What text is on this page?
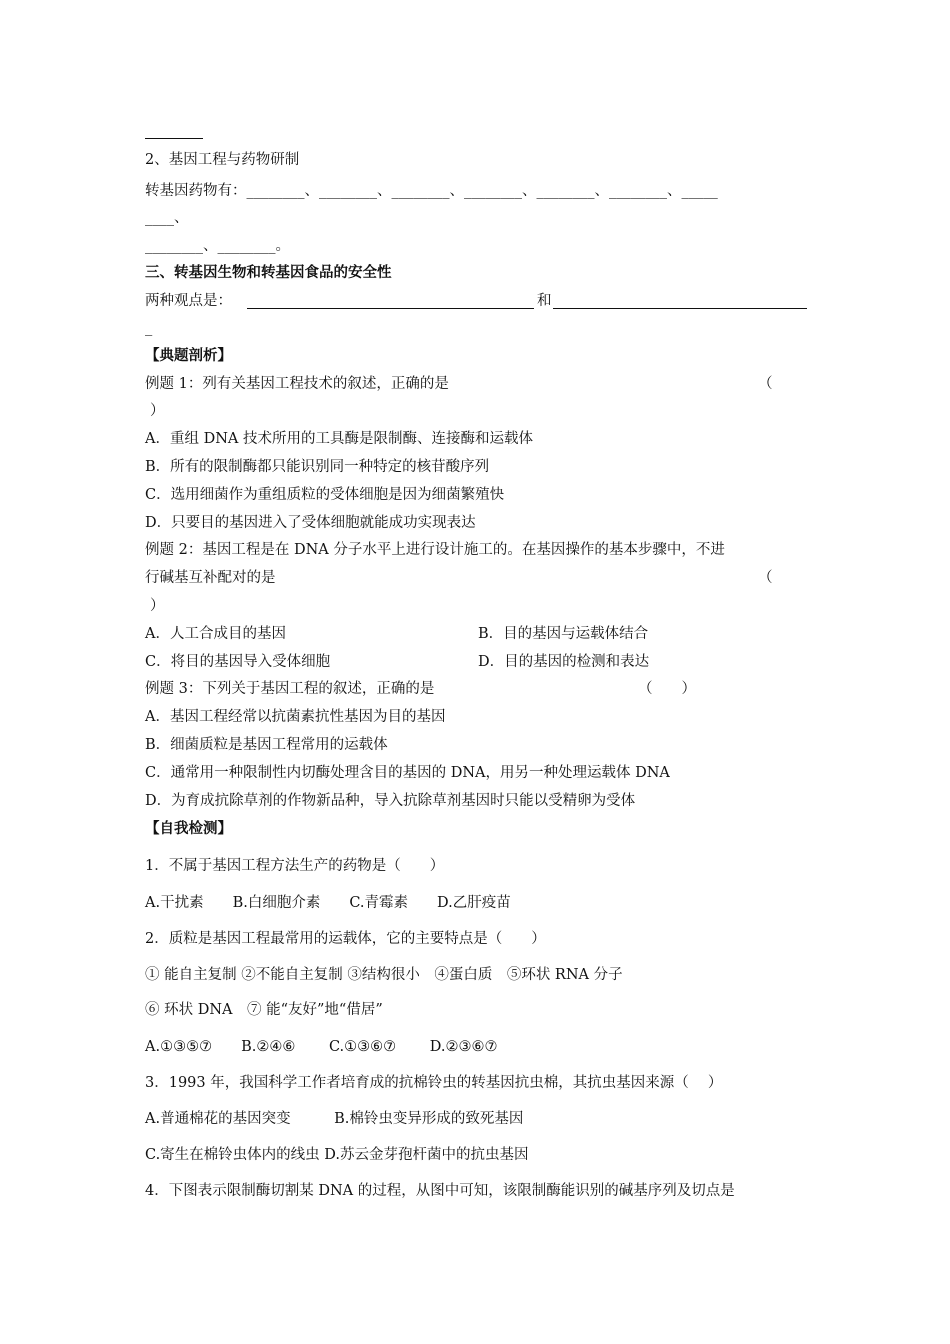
2、基因工程与药物研制
转基因药物有：________、________、________、________、________、________、_____
____、
________、________。
三、转基因生物和转基因食品的安全性
两种观点是：	和
_
【典题剖析】
例题 1：列有关基因工程技术的叙述，正确的是	（
）
A．重组 DNA 技术所用的工具酶是限制酶、连接酶和运载体
B．所有的限制酶都只能识别同一种特定的核苷酸序列
C．选用细菌作为重组质粒的受体细胞是因为细菌繁殖快
D．只要目的基因进入了受体细胞就能成功实现表达
例题 2：基因工程是在 DNA 分子水平上进行设计施工的。在基因操作的基本步骤中，不进
行碱基互补配对的是	（
）
A．人工合成目的基因	B．目的基因与运载体结合
C．将目的基因导入受体细胞	D．目的基因的检测和表达
例题 3：下列关于基因工程的叙述，正确的是	（　　）
A．基因工程经常以抗菌素抗性基因为目的基因
B．细菌质粒是基因工程常用的运载体
C．通常用一种限制性内切酶处理含目的基因的 DNA，用另一种处理运载体 DNA
D．为育成抗除草剂的作物新品种，导入抗除草剂基因时只能以受精卵为受体
【自我检测】
1．不属于基因工程方法生产的药物是（　　）
A.干扰素　　B.白细胞介素　　C.青霉素　　D.乙肝疫苗
2．质粒是基因工程最常用的运载体，它的主要特点是（　　）
① 能自主复制 ②不能自主复制 ③结构很小　④蛋白质　⑤环状 RNA 分子
⑥ 环状 DNA　⑦ 能“友好”地“借居”
A.①③⑤⑦　　B.②④⑥　　 C.①③⑥⑦　　 D.②③⑥⑦
3．1993 年，我国科学工作者培育成的抗棉铃虫的转基因抗虫棉，其抗虫基因来源（　 ）
A.普通棉花的基因突变　　　B.棉铃虫变异形成的致死基因
C.寄生在棉铃虫体内的线虫 D.苏云金芽孢杆菌中的抗虫基因
4．下图表示限制酶切割某 DNA 的过程，从图中可知，该限制酶能识别的碱基序列及切点是
